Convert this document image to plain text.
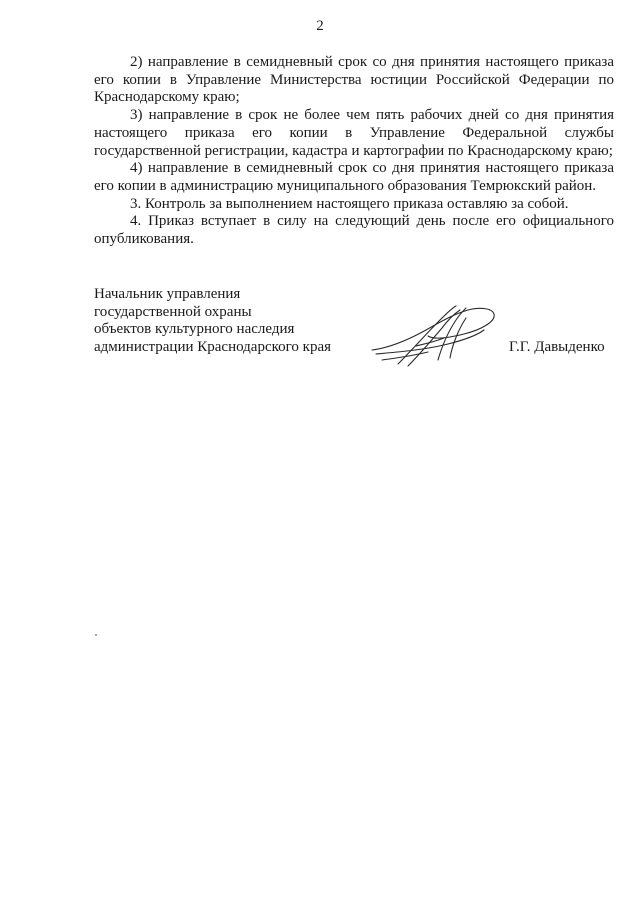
2

2) направление в семидневный срок со дня принятия настоящего приказа его копии в Управление Министерства юстиции Российской Федерации по Краснодарскому краю;

3) направление в срок не более чем пять рабочих дней со дня принятия настоящего приказа его копии в Управление Федеральной службы государственной регистрации, кадастра и картографии по Краснодарскому краю;

4) направление в семидневный срок со дня принятия настоящего приказа его копии в администрацию муниципального образования Темрюкский район.

3. Контроль за выполнением настоящего приказа оставляю за собой.

4. Приказ вступает в силу на следующий день после его официального опубликования.

Начальник управления
государственной охраны
объектов культурного наследия
администрации Краснодарского края	Г.Г. Давыденко
